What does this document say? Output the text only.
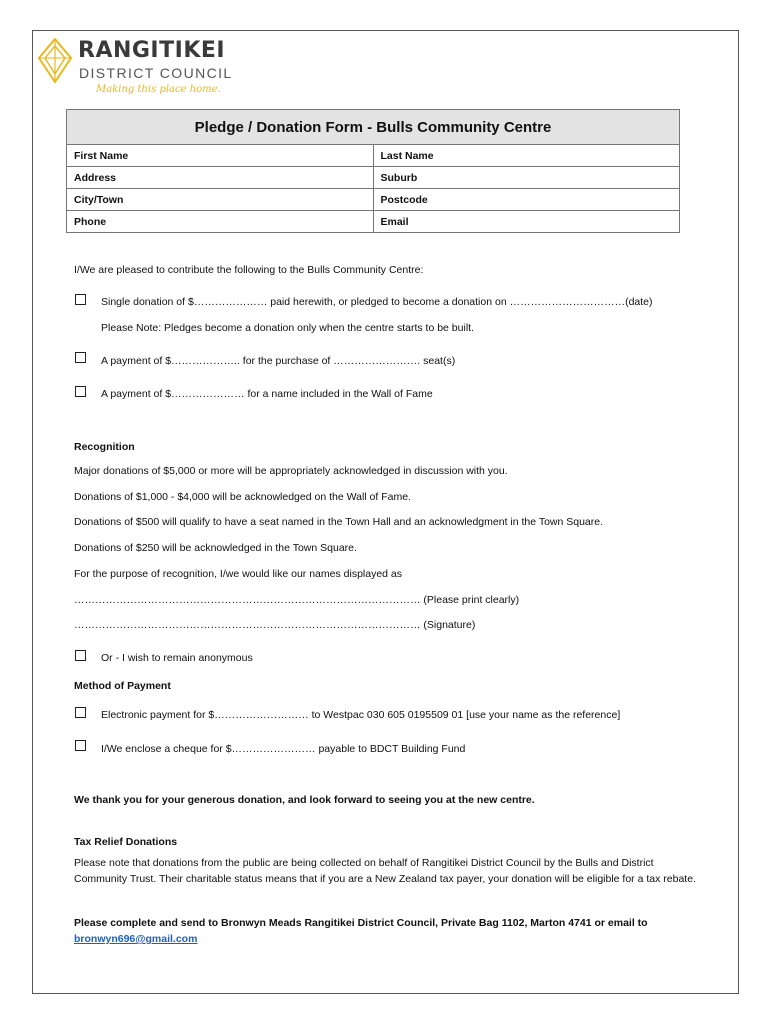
RANGITIKEI
DISTRICT COUNCIL
Making this place home.
Pledge / Donation Form - Bulls Community Centre	
First Name	Last Name
Address	Suburb
City/Town	Postcode
Phone	Email
I/We are pleased to contribute the following to the Bulls Community Centre:
Single donation of $………………… paid herewith, or pledged to become a donation on ……………………………(date)
Please Note: Pledges become a donation only when the centre starts to be built.
A payment of $……………….. for the purchase of ……………………. seat(s)
A payment of $………………… for a name included in the Wall of Fame
Recognition
Major donations of $5,000 or more will be appropriately acknowledged in discussion with you.
Donations of $1,000 - $4,000 will be acknowledged on the Wall of Fame.
Donations of $500 will qualify to have a seat named in the Town Hall and an acknowledgment in the Town Square.
Donations of $250 will be acknowledged in the Town Square.
For the purpose of recognition, I/we would like our names displayed as
……………………………………………………………………………………… (Please print clearly)
……………………………………………………………………………………… (Signature)
Or - I wish to remain anonymous
Method of Payment
Electronic payment for $……………………… to Westpac 030 605 0195509 01 [use your name as the reference]
I/We enclose a cheque for $…………………… payable to BDCT Building Fund
We thank you for your generous donation, and look forward to seeing you at the new centre.
Tax Relief Donations
Please note that donations from the public are being collected on behalf of Rangitikei District Council by the Bulls and District Community Trust. Their charitable status means that if you are a New Zealand tax payer, your donation will be eligible for a tax rebate.
Please complete and send to Bronwyn Meads Rangitikei District Council, Private Bag 1102, Marton 4741 or email to
bronwyn696@gmail.com
